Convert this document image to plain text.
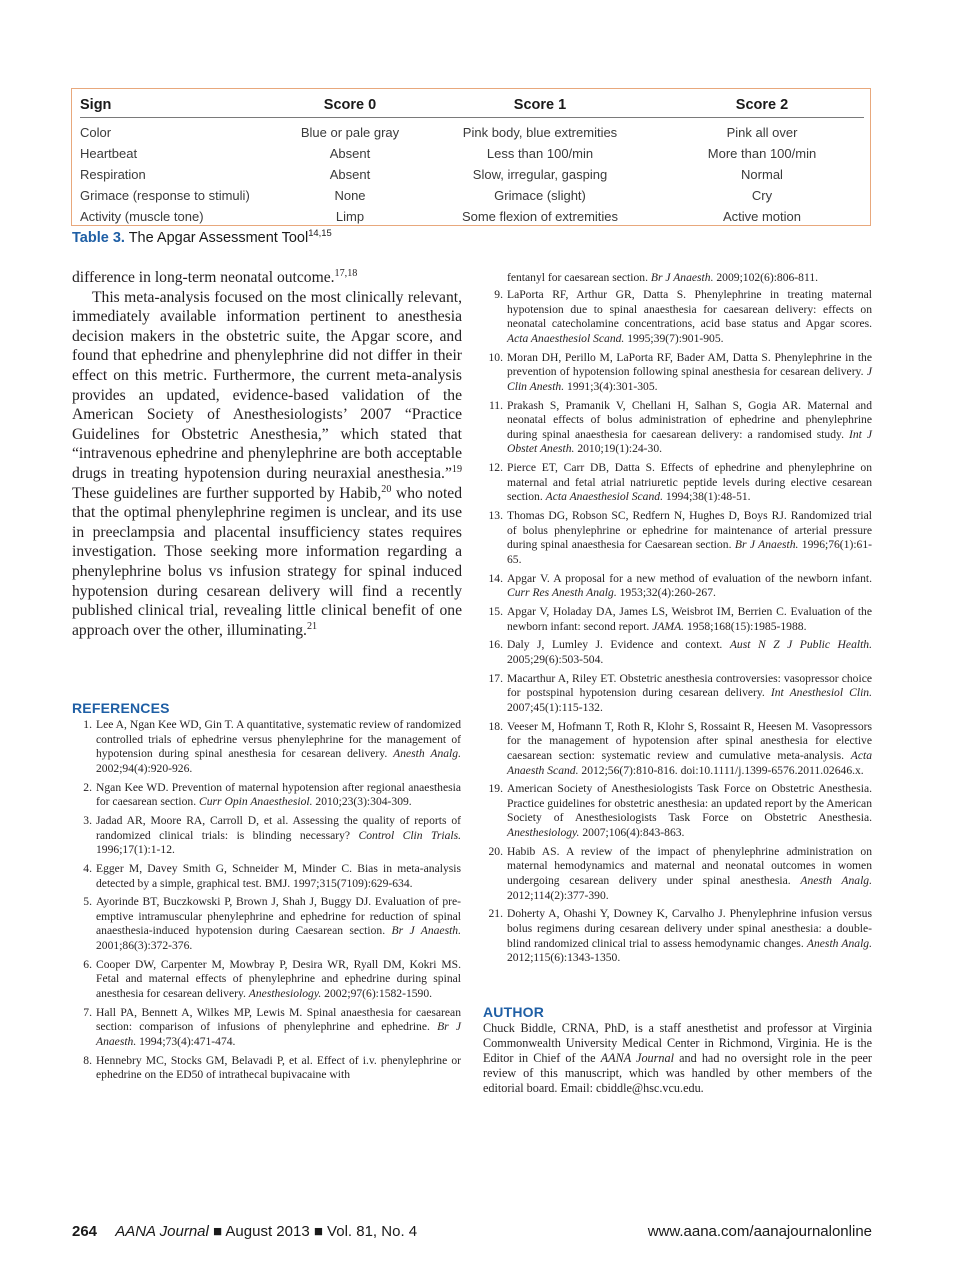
Sign	Score 0	Score 1	Score 2
Color	Blue or pale gray	Pink body, blue extremities	Pink all over
Heartbeat	Absent	Less than 100/min	More than 100/min
Respiration	Absent	Slow, irregular, gasping	Normal
Grimace (response to stimuli)	None	Grimace (slight)	Cry
Activity (muscle tone)	Limp	Some flexion of extremities	Active motion
Table 3. The Apgar Assessment Tool$^{14,15}$

difference in long-term neonatal outcome.$^{17,18}$

This meta-analysis focused on the most clinically relevant, immediately available information pertinent to anesthesia decision makers in the obstetric suite, the Apgar score, and found that ephedrine and phenylephrine did not differ in their effect on this metric. Furthermore, the current meta-analysis provides an updated, evidence-based validation of the American Society of Anesthesiologists’ 2007 “Practice Guidelines for Obstetric Anesthesia,” which stated that “intravenous ephedrine and phenylephrine are both acceptable drugs in treating hypotension during neuraxial anesthesia.”$^{19}$ These guidelines are further supported by Habib,$^{20}$ who noted that the optimal phenylephrine regimen is unclear, and its use in preeclampsia and placental insufficiency states requires investigation. Those seeking more information regarding a phenylephrine bolus vs infusion strategy for spinal induced hypotension during cesarean delivery will find a recently published clinical trial, revealing little clinical benefit of one approach over the other, illuminating.$^{21}$

REFERENCES
1. Lee A, Ngan Kee WD, Gin T. A quantitative, systematic review of randomized controlled trials of ephedrine versus phenylephrine for the management of hypotension during spinal anesthesia for cesarean delivery. Anesth Analg. 2002;94(4):920-926.
2. Ngan Kee WD. Prevention of maternal hypotension after regional anaesthesia for caesarean section. Curr Opin Anaesthesiol. 2010;23(3):304-309.
3. Jadad AR, Moore RA, Carroll D, et al. Assessing the quality of reports of randomized clinical trials: is blinding necessary? Control Clin Trials. 1996;17(1):1-12.
4. Egger M, Davey Smith G, Schneider M, Minder C. Bias in meta-analysis detected by a simple, graphical test. BMJ. 1997;315(7109):629-634.
5. Ayorinde BT, Buczkowski P, Brown J, Shah J, Buggy DJ. Evaluation of pre-emptive intramuscular phenylephrine and ephedrine for reduction of spinal anaesthesia-induced hypotension during Caesarean section. Br J Anaesth. 2001;86(3):372-376.
6. Cooper DW, Carpenter M, Mowbray P, Desira WR, Ryall DM, Kokri MS. Fetal and maternal effects of phenylephrine and ephedrine during spinal anesthesia for cesarean delivery. Anesthesiology. 2002;97(6):1582-1590.
7. Hall PA, Bennett A, Wilkes MP, Lewis M. Spinal anaesthesia for caesarean section: comparison of infusions of phenylephrine and ephedrine. Br J Anaesth. 1994;73(4):471-474.
8. Hennebry MC, Stocks GM, Belavadi P, et al. Effect of i.v. phenylephrine or ephedrine on the ED50 of intrathecal bupivacaine with
fentanyl for caesarean section. Br J Anaesth. 2009;102(6):806-811.
9. LaPorta RF, Arthur GR, Datta S. Phenylephrine in treating maternal hypotension due to spinal anaesthesia for caesarean delivery: effects on neonatal catecholamine concentrations, acid base status and Apgar scores. Acta Anaesthesiol Scand. 1995;39(7):901-905.
10. Moran DH, Perillo M, LaPorta RF, Bader AM, Datta S. Phenylephrine in the prevention of hypotension following spinal anesthesia for cesarean delivery. J Clin Anesth. 1991;3(4):301-305.
11. Prakash S, Pramanik V, Chellani H, Salhan S, Gogia AR. Maternal and neonatal effects of bolus administration of ephedrine and phenylephrine during spinal anaesthesia for caesarean delivery: a randomised study. Int J Obstet Anesth. 2010;19(1):24-30.
12. Pierce ET, Carr DB, Datta S. Effects of ephedrine and phenylephrine on maternal and fetal atrial natriuretic peptide levels during elective cesarean section. Acta Anaesthesiol Scand. 1994;38(1):48-51.
13. Thomas DG, Robson SC, Redfern N, Hughes D, Boys RJ. Randomized trial of bolus phenylephrine or ephedrine for maintenance of arterial pressure during spinal anaesthesia for Caesarean section. Br J Anaesth. 1996;76(1):61-65.
14. Apgar V. A proposal for a new method of evaluation of the newborn infant. Curr Res Anesth Analg. 1953;32(4):260-267.
15. Apgar V, Holaday DA, James LS, Weisbrot IM, Berrien C. Evaluation of the newborn infant: second report. JAMA. 1958;168(15):1985-1988.
16. Daly J, Lumley J. Evidence and context. Aust N Z J Public Health. 2005;29(6):503-504.
17. Macarthur A, Riley ET. Obstetric anesthesia controversies: vasopressor choice for postspinal hypotension during cesarean delivery. Int Anesthesiol Clin. 2007;45(1):115-132.
18. Veeser M, Hofmann T, Roth R, Klohr S, Rossaint R, Heesen M. Vasopressors for the management of hypotension after spinal anesthesia for elective caesarean section: systematic review and cumulative meta-analysis. Acta Anaesth Scand. 2012;56(7):810-816. doi:10.1111/j.1399-6576.2011.02646.x.
19. American Society of Anesthesiologists Task Force on Obstetric Anesthesia. Practice guidelines for obstetric anesthesia: an updated report by the American Society of Anesthesiologists Task Force on Obstetric Anesthesia. Anesthesiology. 2007;106(4):843-863.
20. Habib AS. A review of the impact of phenylephrine administration on maternal hemodynamics and maternal and neonatal outcomes in women undergoing cesarean delivery under spinal anesthesia. Anesth Analg. 2012;114(2):377-390.
21. Doherty A, Ohashi Y, Downey K, Carvalho J. Phenylephrine infusion versus bolus regimens during cesarean delivery under spinal anesthesia: a double-blind randomized clinical trial to assess hemodynamic changes. Anesth Analg. 2012;115(6):1343-1350.
AUTHOR
Chuck Biddle, CRNA, PhD, is a staff anesthetist and professor at Virginia Commonwealth University Medical Center in Richmond, Virginia. He is the Editor in Chief of the AANA Journal and had no oversight role in the peer review of this manuscript, which was handled by other members of the editorial board. Email: cbiddle@hsc.vcu.edu.
264 AANA Journal ■ August 2013 ■ Vol. 81, No. 4	www.aana.com/aanajournalonline
